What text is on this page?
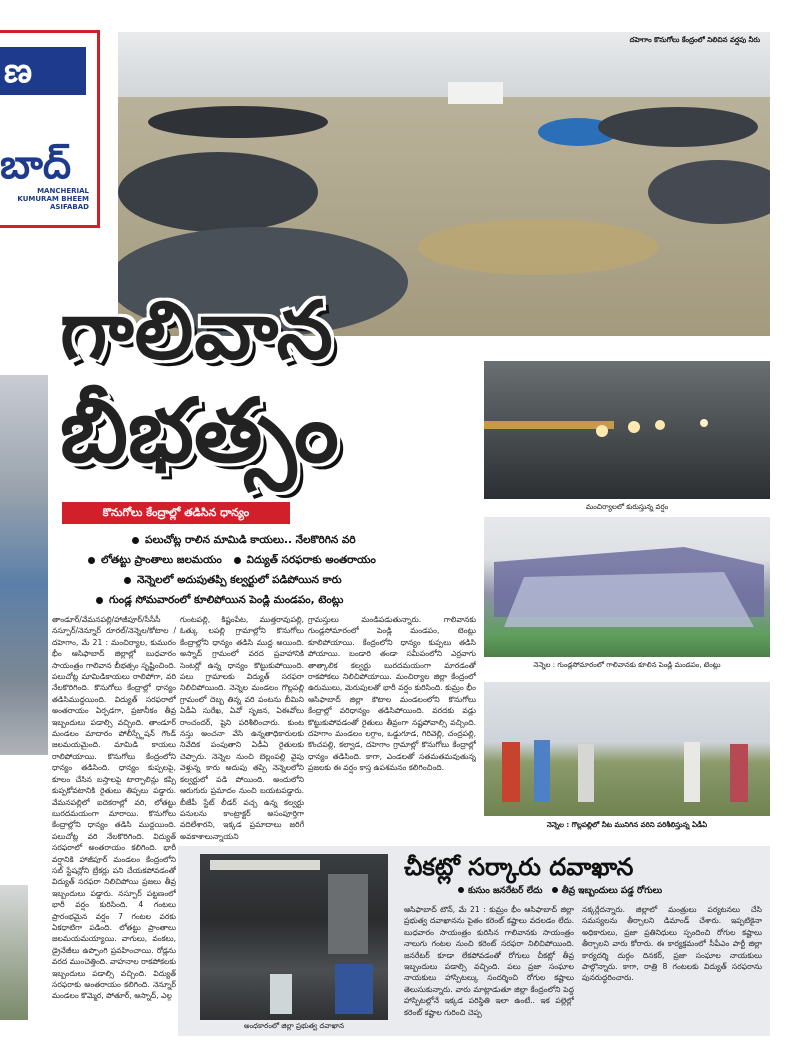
ణ
బాద్
MANCHERIAL
KUMURAM BHEEM
ASIFABAD
దహెగాం కొనుగోలు కేంద్రంలో నిలిచిన వర్షపు నీరు
గాలివాన
బీభత్సం
కొనుగోలు కేంద్రాల్లో తడిసిన ధాన్యం
పలుచోట్ల రాలిన మామిడి కాయలు.. నేలకొరిగిన వరి
లోతట్టు ప్రాంతాలు జలమయం విద్యుత్ సరఫరాకు అంతరాయం
నెన్నెలలో అదుపుతప్పి కల్వర్టులో పడిపోయిన కారు
గుండ్ల సోమవారంలో కూలిపోయిన పెండ్లి మండపం, టెంట్లు
తాండూర్/వేమనపల్లి/హాజీపూర్/సీసీసీ నస్పూర్/నెన్నూర్ రూరల్/నెన్నెల/కోటాల /దహెగాం, మే 21 : మంచిర్యాల, కుమురం భీం ఆసిఫాబాద్ జిల్లాల్లో బుధవారం సాయంత్రం గాలివాన బీభత్సం సృష్టించింది. పలుచోట్ల మామిడికాయలు రాలిపోగా, వరి నేలకొరిగింది. కొనుగోలు కేంద్రాల్లో ధాన్యం తడిసిముద్దయింది. విద్యుత్ సరఫరాలో అంతరాయం ఏర్పడగా, ప్రజానీకం తీవ్ర ఇబ్బందులు పడాల్సి వచ్చింది. తాండూర్ మండలం మాదారం పోలీస్స్టేషన్ గౌండ్ జలమయమైంది. మామిడి కాయలు రాలిపోయాయి. కొనుగోలు కేంద్రంలోని ధాన్యం తడిసింది. ధాన్యం కుప్పలపై, కూలం చేసిన బస్తాలపై టార్పాలిన్లు కప్పి కుప్పకోవటానికి రైతులు తిప్పలు పడ్డారు. వేమనపల్లిలో ఐదెకరాల్లో వరి, లోతట్టు బురదమయంగా మారాయి. కొనుగోలు కేంద్రాల్లోని ధాన్యం తడిసి ముద్దయింది. పలుచోట్ల వరి నేలకొరిగింది. విద్యుత్ సరఫరాలో అంతరాయం కలిగింది. భారీ వర్షానికి హాజీపూర్ మండలం కేంద్రంలోని సబ్ స్టేషన్లోని బ్రేకర్లు పని చేయకపోవడంతో విద్యుత్ సరఫరా నిలిచిపోయి ప్రజలు తీవ్ర ఇబ్బందులు పడ్డారు. నస్పూర్ పట్టణంలో భారీ వర్షం కురిసింది. 4 గంటలు ప్రారంభమైన వర్షం 7 గంటల వరకు ఏకధాటిగా పడింది. లోతట్టు ప్రాంతాలు జలమయమయ్యాయి. వాగులు, వంకలు, డ్రైనేజీలు ఉప్పొంగి ప్రవహించాయి. రోడ్లను వరద ముంచెత్తింది. వాహనాల రాకపోకలకు ఇబ్బందులు పడాల్సి వచ్చింది. విద్యుత్ సరఫరాకు అంతరాయం కలిగింది. నెన్నూర్ మండలం కొమ్మెర, పోతూర్, అస్నాద్, ఎల్గ
గుంటపల్లి, కిష్టంపేట, ముత్తరావుపల్లి, ఓత్కు లపల్లి గ్రామాల్లోని కొనుగోలు కేంద్రాల్లోని ధాన్యం తడిసి ముద్ద అయింది. అస్నాద్ గ్రామంలో వరద ప్రవాహానికి సెంటర్లో ఉన్న ధాన్యం కొట్టుకుపోయింది. పలు గ్రామాలకు విద్యుత్ సరఫరా నిలిచిపోయింది. నెన్నెల మండలం గొల్లపల్లి గ్రామంలో దెబ్బ తిన్న వరి పంటను బీమిని ఏడీఏ సురేఖ, ఏవో సృజన, ఏఈవోలు రాంచందర్, షైని పరిశీలించారు. కుంట నస్తు అంచనా వేసి ఉన్నతాధికారులకు నివేదిక పంపుతాని ఏడీఏ రైతులకు చెప్పారు. నెన్నెల నుంచి బెల్లంపల్లి వైపు వెళ్తున్న కారు అదుపు తప్పి నెన్నెలలోని కల్వర్టులో పడి పోయింది. అందులోని ఆరుగురు ప్రమాదం నుంచి బయటపడ్డారు. బీజేపీ స్టేట్ లీడర్ వచ్చ ఉన్న కల్వర్టు పనులను కాంట్రాక్టర్ అసంపూర్తిగా వదిలేశారని, ఇక్కడ ప్రమాదాలు జరిగే అవకాశాలున్నాయని
గ్రామస్తులు మండిపడుతున్నారు. గాలివానకు గుండ్లసోమారంలో పెండ్లి మండపం, టెంట్లు కూలిపోయాయి. కేంద్రంలోని ధాన్యం కుప్పలు తడిసి పోయాయి. బండారి తండా సమీపంలోని ఎర్రవాగు తాత్కాలిక కల్వర్టు బురదమయంగా మారడంతో రాకపోకలు నిలిచిపోయాయి. మంచిర్యాల జిల్లా కేంద్రంలో ఉరుములు, మెరుపులతో భారీ వర్షం కురిసింది. కుమ్రం భీం ఆసిఫాబాద్ జిల్లా కౌటాల మండలంలోని కొనుగోలు కేంద్రాల్లో వరిధాన్యం తడిసిపోయింది. వరదకు వడ్లు కొట్టుకుపోవడంతో రైతులు తీవ్రంగా నష్టపోవాల్సి వచ్చింది. దహెగాం మండలం లగ్గాం, ఒడ్డుగూడ, గిరివెల్లి, చంద్రపల్లి, కొంచపల్లి, కల్వాడ, దహెగాం గ్రామాల్లో కొనుగోలు కేంద్రాల్లో ధాన్యం తడిసింది. కాగా, ఎండలతో సతమతమవుతున్న ప్రజలకు ఈ వర్షం కాస్త ఉపశమనం కలిగించింది.
మంచిర్యాలలో కురుస్తున్న వర్షం
నెన్నెల : గుండ్లసోమారంలో గాలివానకు కూలిన పెండ్లి మండపం, టెంట్లు
నెన్నెల : గొల్లపల్లిలో నీట మునిగిన వరిని పరిశీలిస్తున్న ఏడీఏ
అంధకారంలో జిల్లా ప్రభుత్వ దవాఖాన
చీకట్లో సర్కారు దవాఖాన
కుసుం జనరేటర్ లేదు తీవ్ర ఇబ్బందులు పడ్డ రోగులు
ఆసిఫాబాద్ టౌన్, మే 21 : కుమ్రం భీం ఆసిఫాబాద్ జిల్లా ప్రభుత్వ దవాఖానను పైతం కరెంట్ కష్టాలు వదలడం లేదు. బుధవారం సాయంత్రం కురిసిన గాలివానకు సాయంత్రం నాలుగు గంటల నుంచి కరెంట్ సరఫరా నిలిచిపోయింది. జనరేటర్ కూడా లేకపోవడంతో రోగులు చీకట్లో తీవ్ర ఇబ్బందులు పడాల్సి వచ్చింది. పలు ప్రజా సంఘాల నాయకులు హాస్పిటల్కు సందర్శించి రోగుల కష్టాలు తెలుసుకున్నారు. వారు మాట్లాడుతూ జిల్లా కేంద్రంలోని పెద్ద హాస్పిటల్లోనే ఇక్కడ పరిస్థితి ఇలా ఉంటే.. ఇక పల్లెల్లో కరెంట్ కష్టాల గురించి చెప్ప
నక్కర్లేదన్నారు. జిల్లాలో మంత్రులు పర్యటనలు చేసి సమస్యలను తీర్చాలని డిమాండ్ చేశారు. ఇప్పటికైనా అధికారులు, ప్రజా ప్రతినిధులు స్పందించి రోగుల కష్టాలు తీర్చాలని వారు కోరారు. ఈ కార్యక్రమంలో సీపీఎం పార్టీ జిల్లా కార్యదర్శి దుర్గం దినకర్, ప్రజా సంఘాల నాయకులు పాల్గొన్నారు. కాగా, రాత్రి 8 గంటలకు విద్యుత్ సరఫరాను పునరుద్ధరించారు.
